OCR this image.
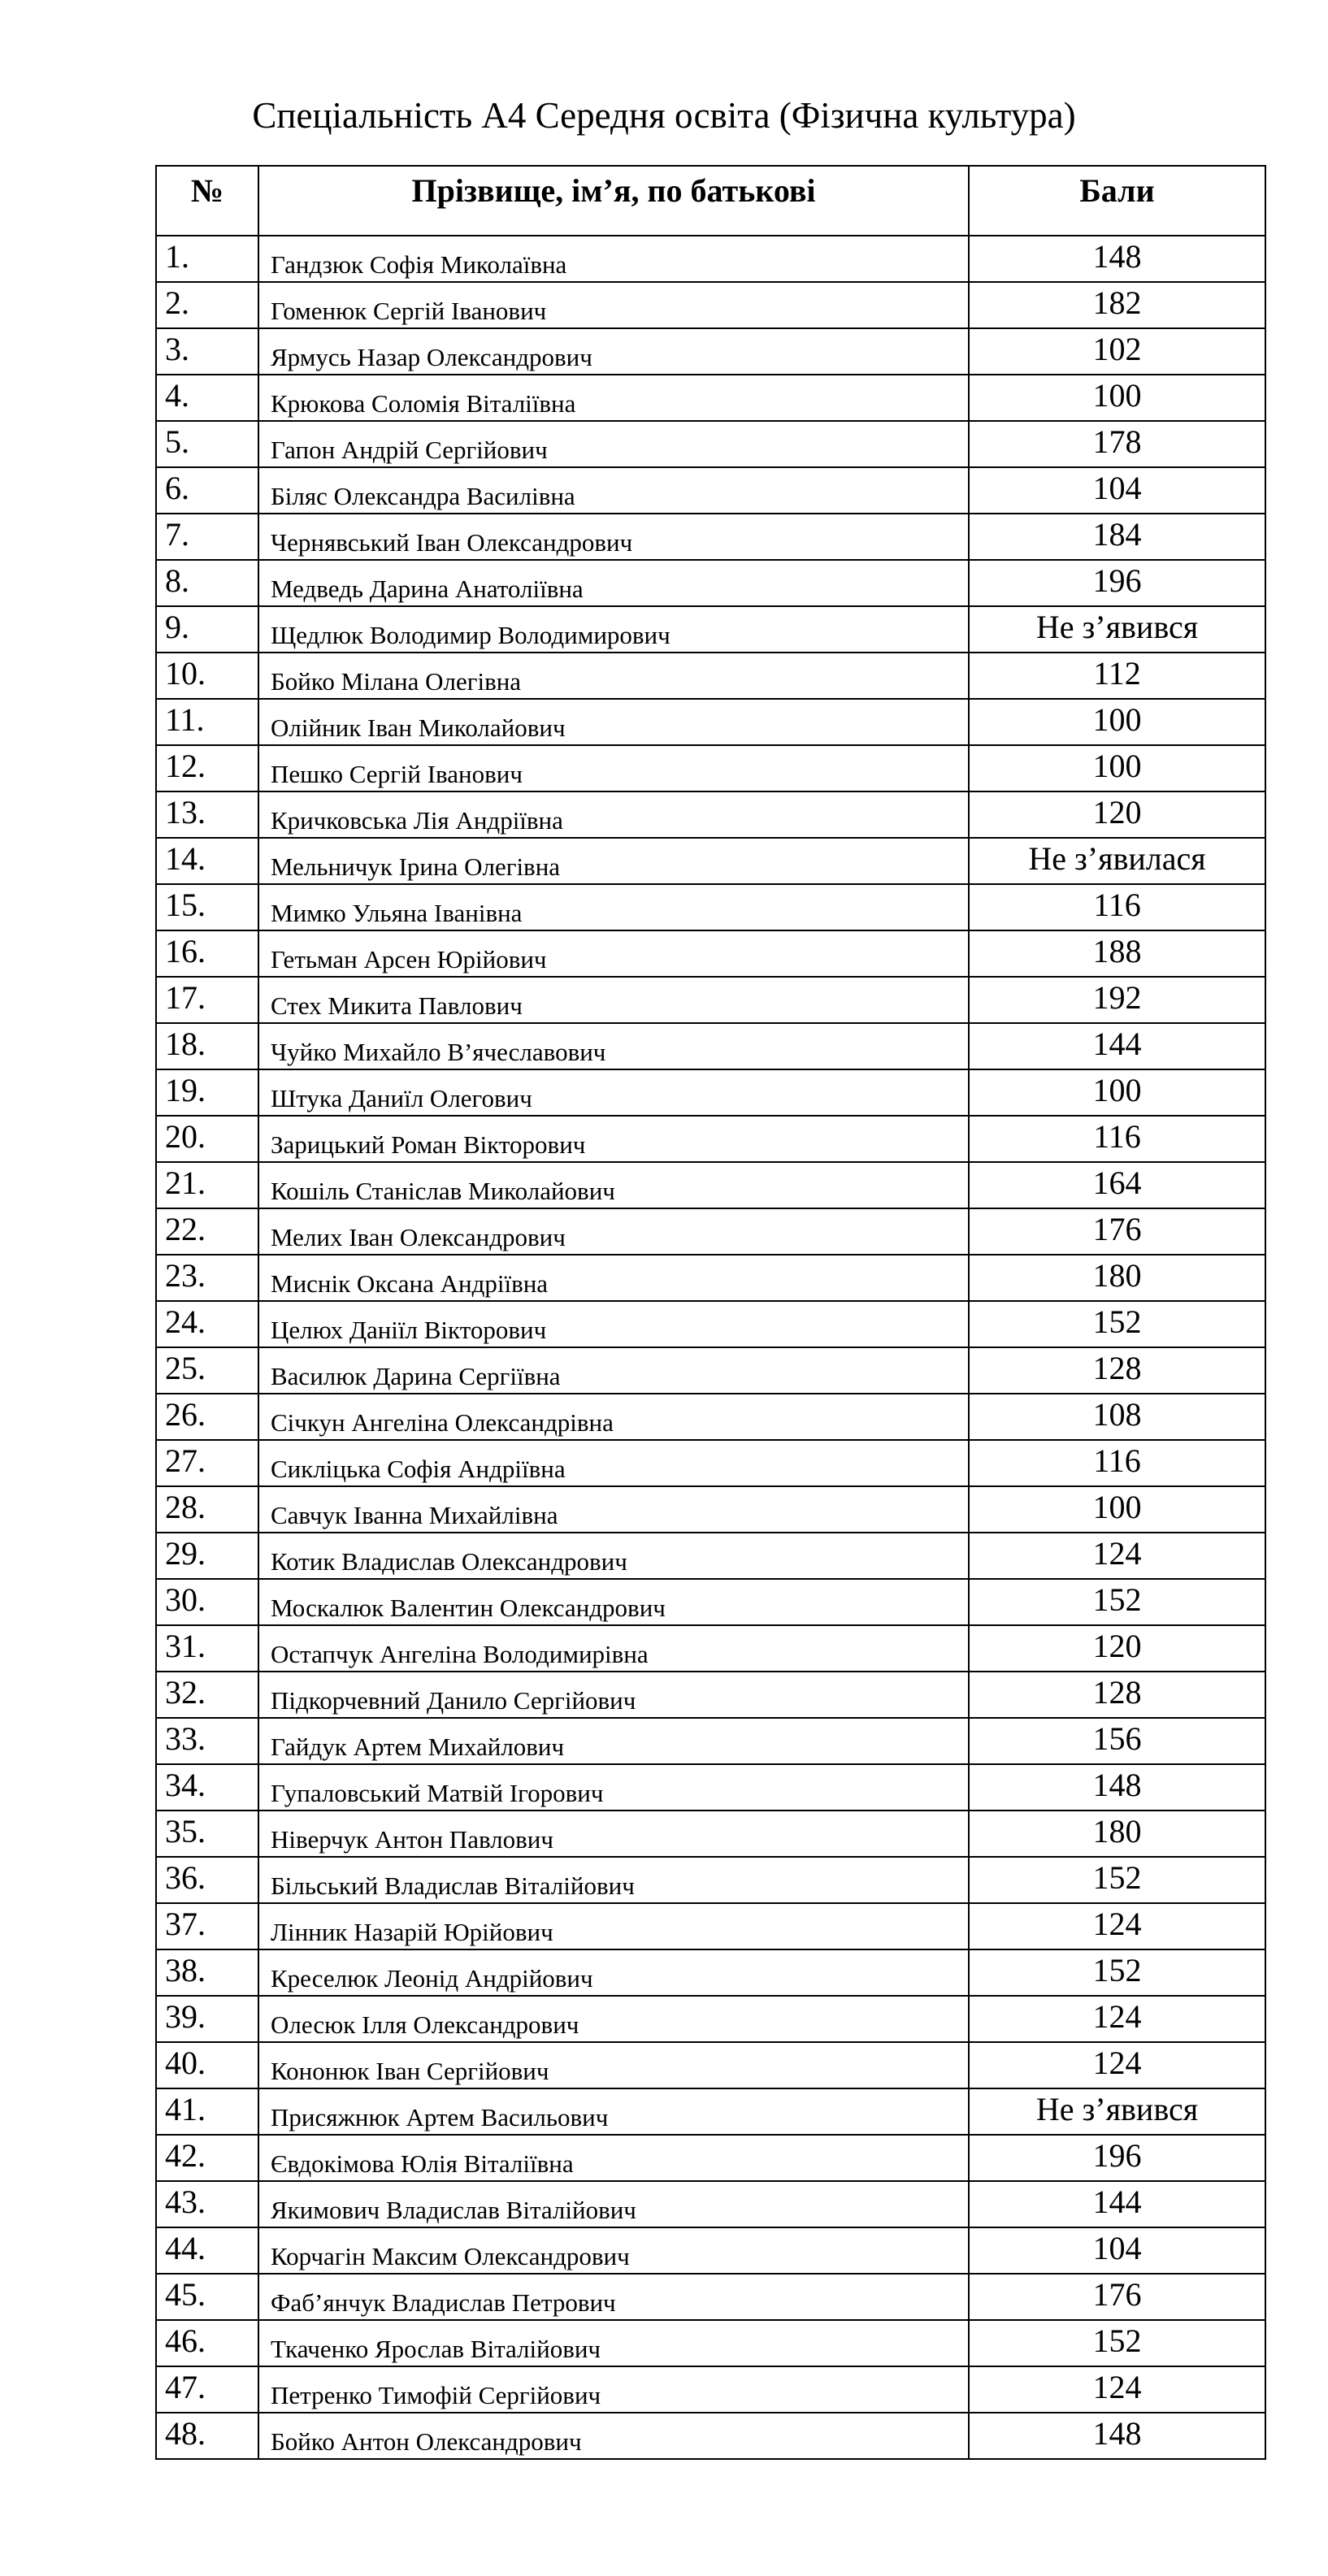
Спеціальність А4 Середня освіта (Фізична культура)
№	Прізвище, ім’я, по батькові	Бали
1.	Гандзюк Софія Миколаївна	148
2.	Гоменюк Сергій Іванович	182
3.	Ярмусь Назар Олександрович	102
4.	Крюкова Соломія Віталіївна	100
5.	Гапон Андрій Сергійович	178
6.	Біляс Олександра Василівна	104
7.	Чернявський Іван Олександрович	184
8.	Медведь Дарина Анатоліївна	196
9.	Щедлюк Володимир Володимирович	Не з’явився
10.	Бойко Мілана Олегівна	112
11.	Олійник Іван Миколайович	100
12.	Пешко Сергій Іванович	100
13.	Кричковська Лія Андріївна	120
14.	Мельничук Ірина Олегівна	Не з’явилася
15.	Мимко Ульяна Іванівна	116
16.	Гетьман Арсен Юрійович	188
17.	Стех Микита Павлович	192
18.	Чуйко Михайло В’ячеславович	144
19.	Штука Даниїл Олегович	100
20.	Зарицький Роман Вікторович	116
21.	Кошіль Станіслав Миколайович	164
22.	Мелих Іван Олександрович	176
23.	Миснік Оксана Андріївна	180
24.	Целюх Даніїл Вікторович	152
25.	Василюк Дарина Сергіївна	128
26.	Січкун Ангеліна Олександрівна	108
27.	Сикліцька Софія Андріївна	116
28.	Савчук Іванна Михайлівна	100
29.	Котик Владислав Олександрович	124
30.	Москалюк Валентин Олександрович	152
31.	Остапчук Ангеліна Володимирівна	120
32.	Підкорчевний Данило Сергійович	128
33.	Гайдук Артем Михайлович	156
34.	Гупаловський Матвій Ігорович	148
35.	Ніверчук Антон Павлович	180
36.	Більський Владислав Віталійович	152
37.	Лінник Назарій Юрійович	124
38.	Креселюк Леонід Андрійович	152
39.	Олесюк Ілля Олександрович	124
40.	Кононюк Іван Сергійович	124
41.	Присяжнюк Артем Васильович	Не з’явився
42.	Євдокімова Юлія Віталіївна	196
43.	Якимович Владислав Віталійович	144
44.	Корчагін Максим Олександрович	104
45.	Фаб’янчук Владислав Петрович	176
46.	Ткаченко Ярослав Віталійович	152
47.	Петренко Тимофій Сергійович	124
48.	Бойко Антон Олександрович	148
